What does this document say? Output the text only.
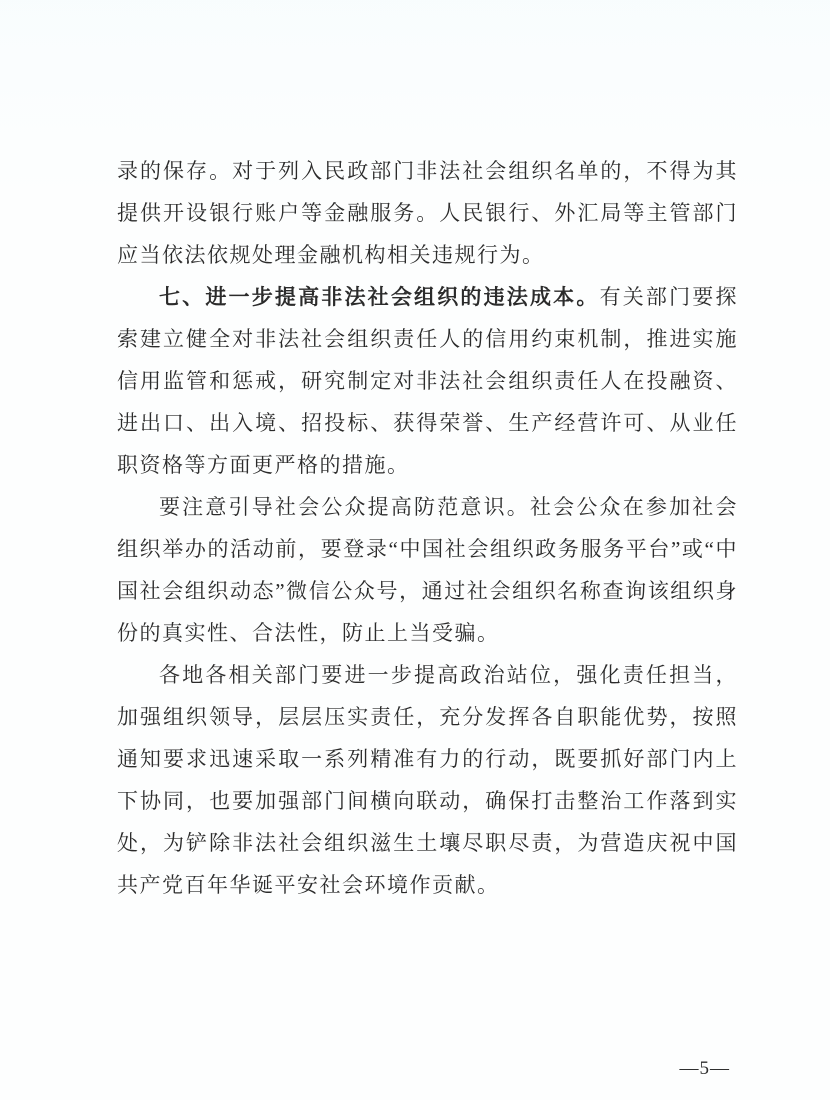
录的保存。对于列入民政部门非法社会组织名单的，不得为其提供开设银行账户等金融服务。人民银行、外汇局等主管部门应当依法依规处理金融机构相关违规行为。

七、进一步提高非法社会组织的违法成本。有关部门要探索建立健全对非法社会组织责任人的信用约束机制，推进实施信用监管和惩戒，研究制定对非法社会组织责任人在投融资、进出口、出入境、招投标、获得荣誉、生产经营许可、从业任职资格等方面更严格的措施。

要注意引导社会公众提高防范意识。社会公众在参加社会组织举办的活动前，要登录“中国社会组织政务服务平台”或“中国社会组织动态”微信公众号，通过社会组织名称查询该组织身份的真实性、合法性，防止上当受骗。

各地各相关部门要进一步提高政治站位，强化责任担当，加强组织领导，层层压实责任，充分发挥各自职能优势，按照通知要求迅速采取一系列精准有力的行动，既要抓好部门内上下协同，也要加强部门间横向联动，确保打击整治工作落到实处，为铲除非法社会组织滋生土壤尽职尽责，为营造庆祝中国共产党百年华诞平安社会环境作贡献。

—5—
